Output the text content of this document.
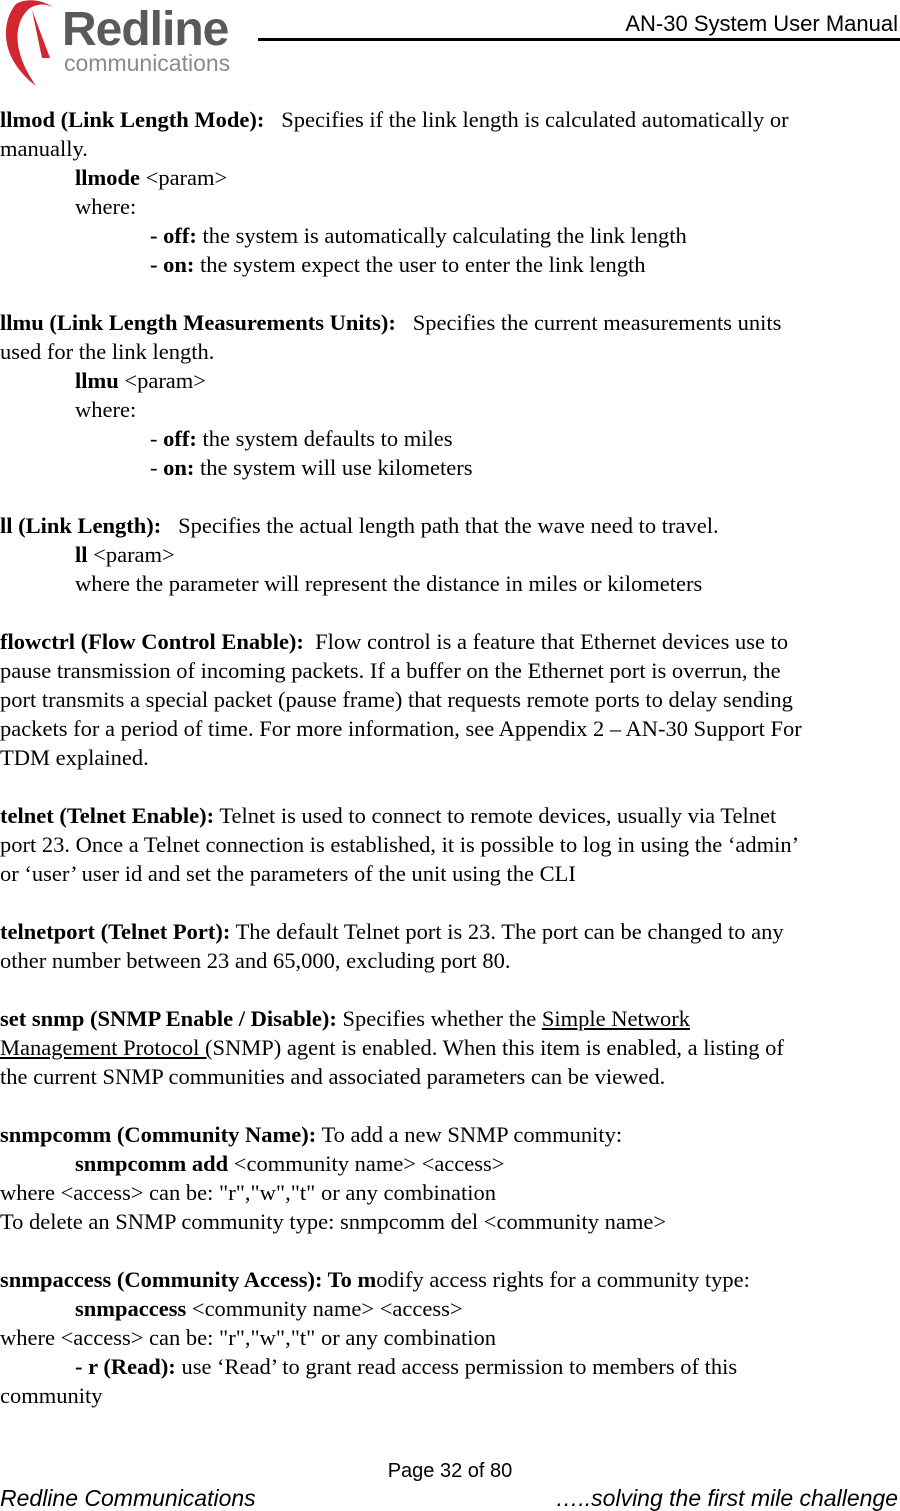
Redline
communications
AN-30 System User Manual

llmod (Link Length Mode): Specifies if the link length is calculated automatically or

manually.

llmode <param>

where:

- off: the system is automatically calculating the link length

- on: the system expect the user to enter the link length

llmu (Link Length Measurements Units): Specifies the current measurements units

used for the link length.

llmu <param>

where:

- off: the system defaults to miles

- on: the system will use kilometers

ll (Link Length): Specifies the actual length path that the wave need to travel.

ll <param>

where the parameter will represent the distance in miles or kilometers

flowctrl (Flow Control Enable): Flow control is a feature that Ethernet devices use to

pause transmission of incoming packets. If a buffer on the Ethernet port is overrun, the

port transmits a special packet (pause frame) that requests remote ports to delay sending

packets for a period of time. For more information, see Appendix 2 – AN-30 Support For

TDM explained.

telnet (Telnet Enable): Telnet is used to connect to remote devices, usually via Telnet

port 23. Once a Telnet connection is established, it is possible to log in using the ‘admin’

or ‘user’ user id and set the parameters of the unit using the CLI

telnetport (Telnet Port): The default Telnet port is 23. The port can be changed to any

other number between 23 and 65,000, excluding port 80.

set snmp (SNMP Enable / Disable): Specifies whether the Simple Network

Management Protocol (SNMP) agent is enabled. When this item is enabled, a listing of

the current SNMP communities and associated parameters can be viewed.

snmpcomm (Community Name): To add a new SNMP community:

snmpcomm add <community name> <access>

where <access> can be: "r","w","t" or any combination

To delete an SNMP community type: snmpcomm del <community name>

snmpaccess (Community Access): To modify access rights for a community type:

snmpaccess <community name> <access>

where <access> can be: "r","w","t" or any combination

- r (Read): use ‘Read’ to grant read access permission to members of this

community

Page 32 of 80
Redline Communications	…..solving the first mile challenge
